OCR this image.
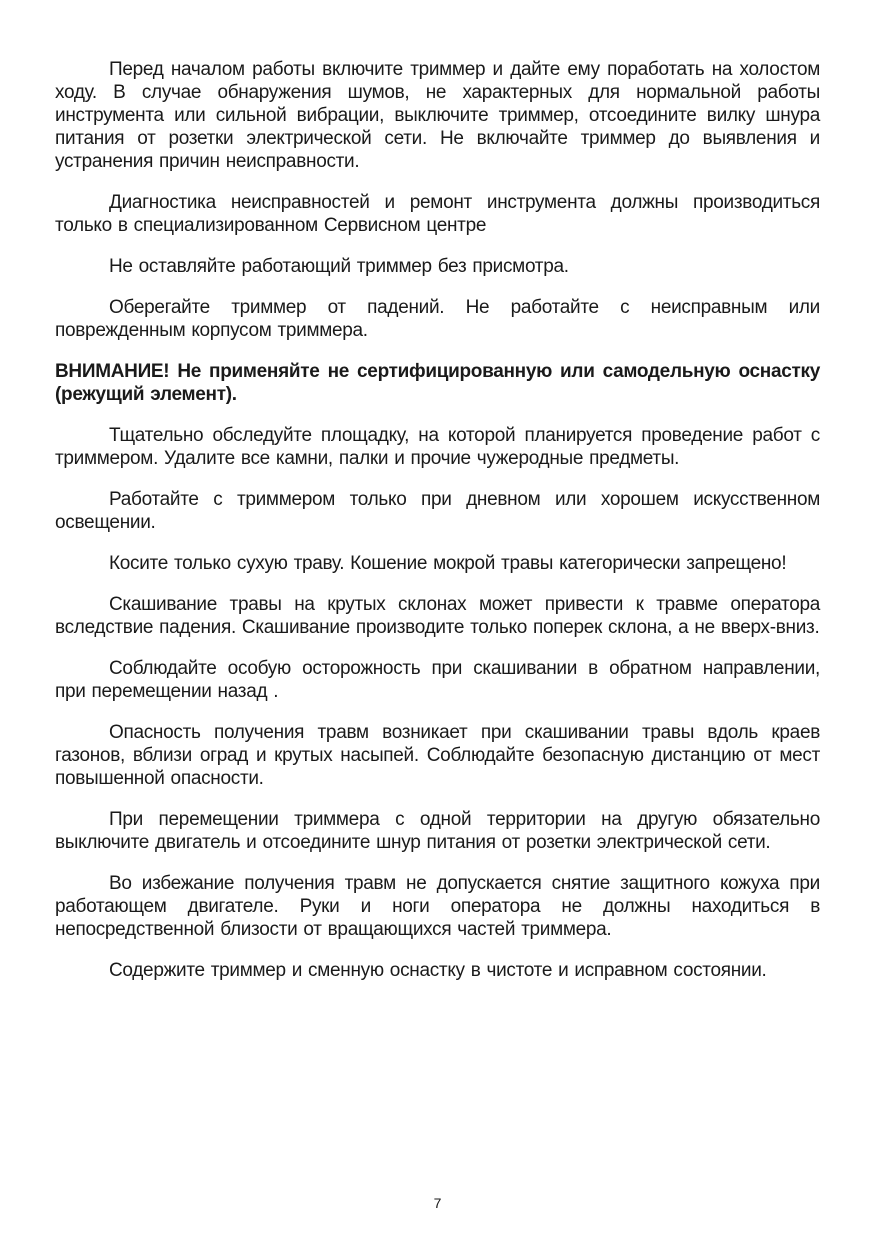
Перед началом работы включите триммер и дайте ему поработать на холостом ходу. В случае обнаружения шумов, не характерных для нормальной работы инструмента или сильной вибрации, выключите триммер, отсоедините вилку шнура питания от розетки электрической сети. Не включайте триммер до выявления и устранения причин неисправности.

Диагностика неисправностей и ремонт инструмента должны производиться только в специализированном Сервисном центре

Не оставляйте работающий триммер без присмотра.

Оберегайте триммер от падений. Не работайте с неисправным или поврежденным корпусом триммера.

ВНИМАНИЕ! Не применяйте не сертифицированную или самодельную оснастку (режущий элемент).

Тщательно обследуйте площадку, на которой планируется проведение работ с триммером. Удалите все камни, палки и прочие чужеродные предметы.

Работайте с триммером только при дневном или хорошем искусственном освещении.

Косите только сухую траву. Кошение мокрой травы категорически запрещено!

Скашивание травы на крутых склонах может привести к травме оператора вследствие падения. Скашивание производите только поперек склона, а не вверх-вниз.

Соблюдайте особую осторожность при скашивании в обратном направлении, при перемещении назад .

Опасность получения травм возникает при скашивании травы вдоль краев газонов, вблизи оград и крутых насыпей. Соблюдайте безопасную дистанцию от мест повышенной опасности.

При перемещении триммера с одной территории на другую обязательно выключите двигатель и отсоедините шнур питания от розетки электрической сети.

Во избежание получения травм не допускается снятие защитного кожуха при работающем двигателе. Руки и ноги оператора не должны находиться в непосредственной близости от вращающихся частей триммера.

Содержите триммер и сменную оснастку в чистоте и исправном состоянии.

7
